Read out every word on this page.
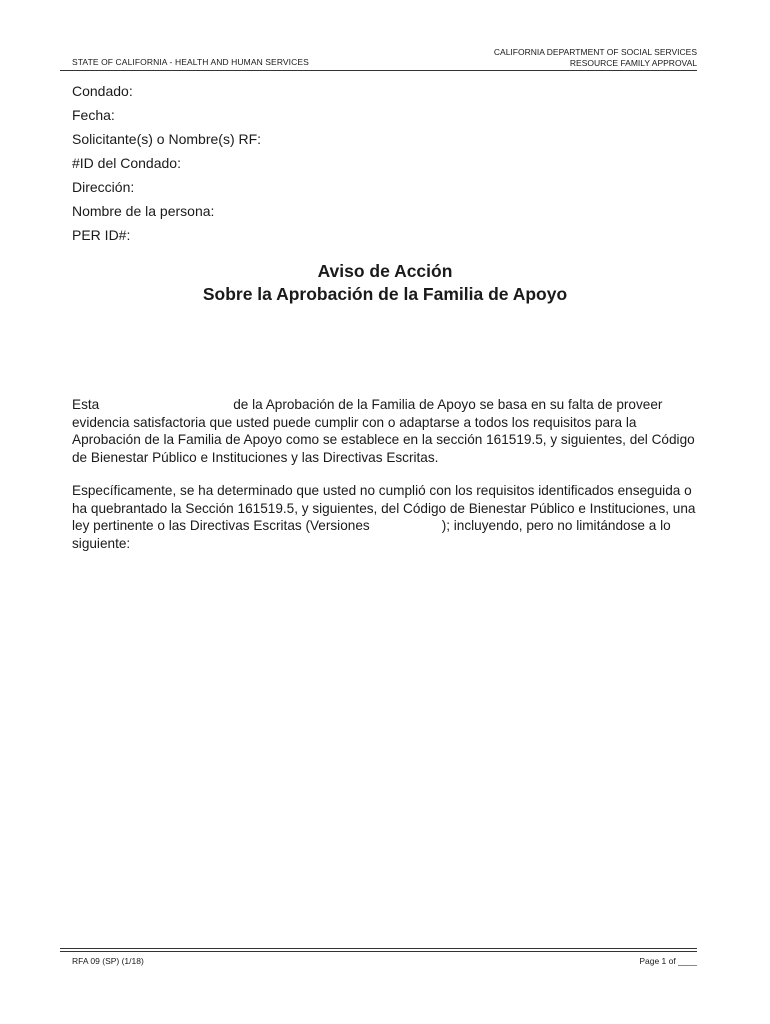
STATE OF CALIFORNIA - HEALTH AND HUMAN SERVICES
CALIFORNIA DEPARTMENT OF SOCIAL SERVICES
RESOURCE FAMILY APPROVAL
Condado:
Fecha:
Solicitante(s) o Nombre(s) RF:
#ID del Condado:
Dirección:
Nombre de la persona:
PER ID#:
Aviso de Acción
Sobre la Aprobación de la Familia de Apoyo
Esta	de la Aprobación de la Familia de Apoyo se basa en su falta de proveer evidencia satisfactoria que usted puede cumplir con o adaptarse a todos los requisitos para la Aprobación de la Familia de Apoyo como se establece en la sección 161519.5, y siguientes, del Código de Bienestar Público e Instituciones y las Directivas Escritas.
Específicamente, se ha determinado que usted no cumplió con los requisitos identificados enseguida o ha quebrantado la Sección 161519.5, y siguientes, del Código de Bienestar Público e Instituciones, una ley pertinente o las Directivas Escritas (Versiones	); incluyendo, pero no limitándose a lo siguiente:
RFA 09 (SP) (1/18)	Page 1 of ____
